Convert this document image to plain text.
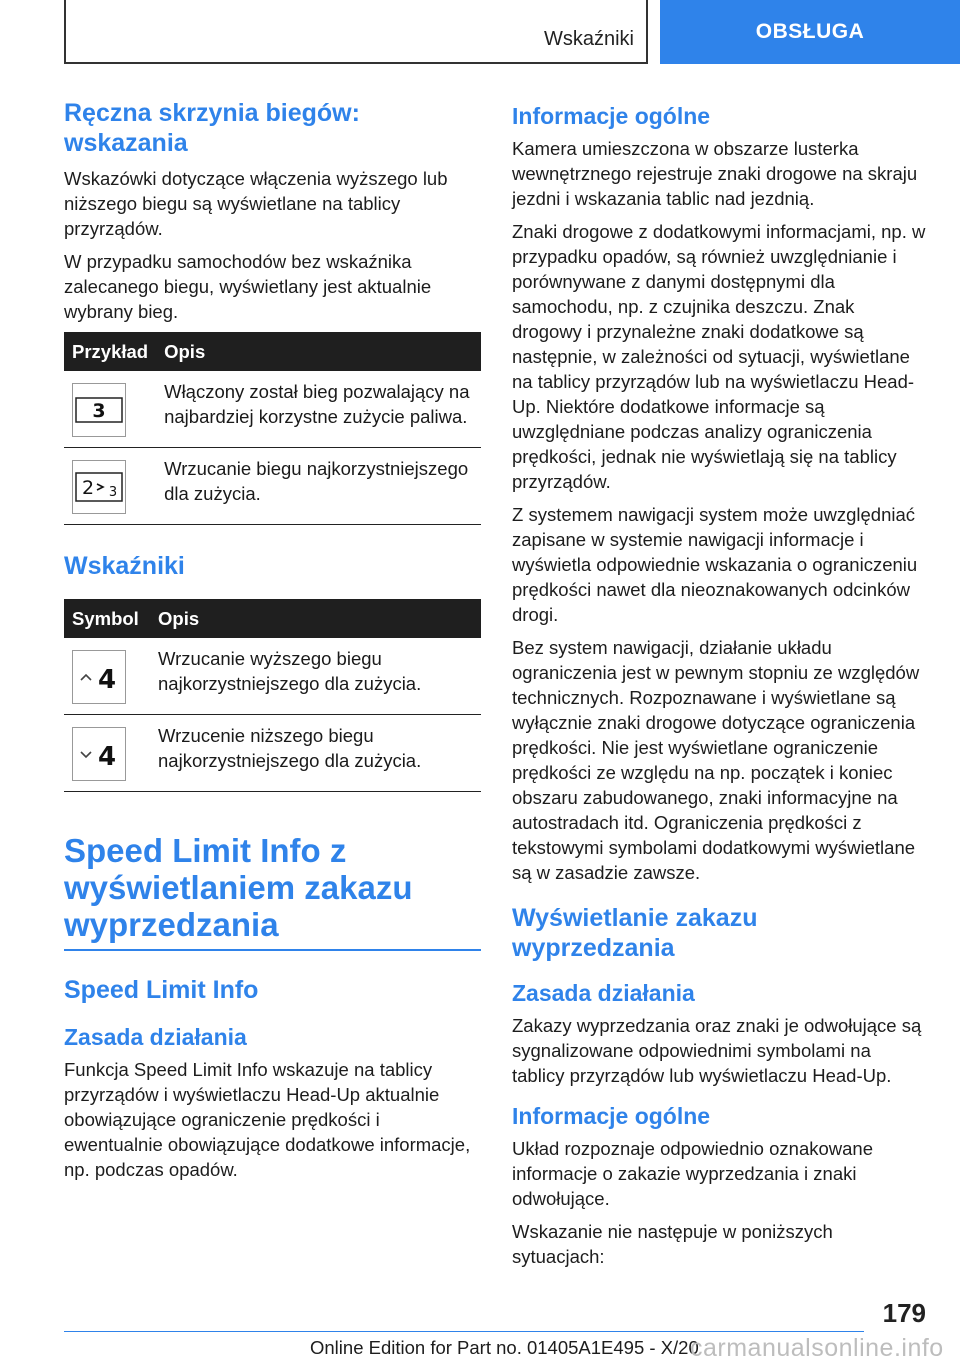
Wskaźniki	OBSŁUGA
Ręczna skrzynia biegów: wskazania

Wskazówki dotyczące włączenia wyższego lub niższego biegu są wyświetlane na tablicy przyrządów.

W przypadku samochodów bez wskaźnika zalecanego biegu, wyświetlany jest aktualnie wybrany bieg.

Przykład	Opis

3	Włączony został bieg pozwalający na najbardziej korzystne zużycie paliwa.

2 3	Wrzucanie biegu najkorzystniejszego dla zużycia.
Wskaźniki
Symbol	Opis

4	Wrzucanie wyższego biegu najkorzystniejszego dla zużycia.

4	Wrzucenie niższego biegu najkorzystniejszego dla zużycia.
Speed Limit Info z wyświetlaniem zakazu wyprzedzania
Speed Limit Info
Zasada działania

Funkcja Speed Limit Info wskazuje na tablicy przyrządów i wyświetlaczu Head-Up aktualnie obowiązujące ograniczenie prędkości i ewentualnie obowiązujące dodatkowe informacje, np. podczas opadów.

Informacje ogólne

Kamera umieszczona w obszarze lusterka wewnętrznego rejestruje znaki drogowe na skraju jezdni i wskazania tablic nad jezdnią.

Znaki drogowe z dodatkowymi informacjami, np. w przypadku opadów, są również uwzględnianie i porównywane z danymi dostępnymi dla samochodu, np. z czujnika deszczu. Znak drogowy i przynależne znaki dodatkowe są następnie, w zależności od sytuacji, wyświetlane na tablicy przyrządów lub na wyświetlaczu Head-Up. Niektóre dodatkowe informacje są uwzględniane podczas analizy ograniczenia prędkości, jednak nie wyświetlają się na tablicy przyrządów.

Z systemem nawigacji system może uwzględniać zapisane w systemie nawigacji informacje i wyświetla odpowiednie wskazania o ograniczeniu prędkości nawet dla nieoznakowanych odcinków drogi.

Bez system nawigacji, działanie układu ograniczenia jest w pewnym stopniu ze względów technicznych. Rozpoznawane i wyświetlane są wyłącznie znaki drogowe dotyczące ograniczenia prędkości. Nie jest wyświetlane ograniczenie prędkości ze względu na np. początek i koniec obszaru zabudowanego, znaki informacyjne na autostradach itd. Ograniczenia prędkości z tekstowymi symbolami dodatkowymi wyświetlane są w zasadzie zawsze.

Wyświetlanie zakazu wyprzedzania
Zasada działania

Zakazy wyprzedzania oraz znaki je odwołujące są sygnalizowane odpowiednimi symbolami na tablicy przyrządów lub wyświetlaczu Head-Up.

Informacje ogólne

Układ rozpoznaje odpowiednio oznakowane informacje o zakazie wyprzedzania i znaki odwołujące.

Wskazanie nie następuje w poniższych sytuacjach:

179
Online Edition for Part no. 01405A1E495 - X/20
carmanualsonline.info
